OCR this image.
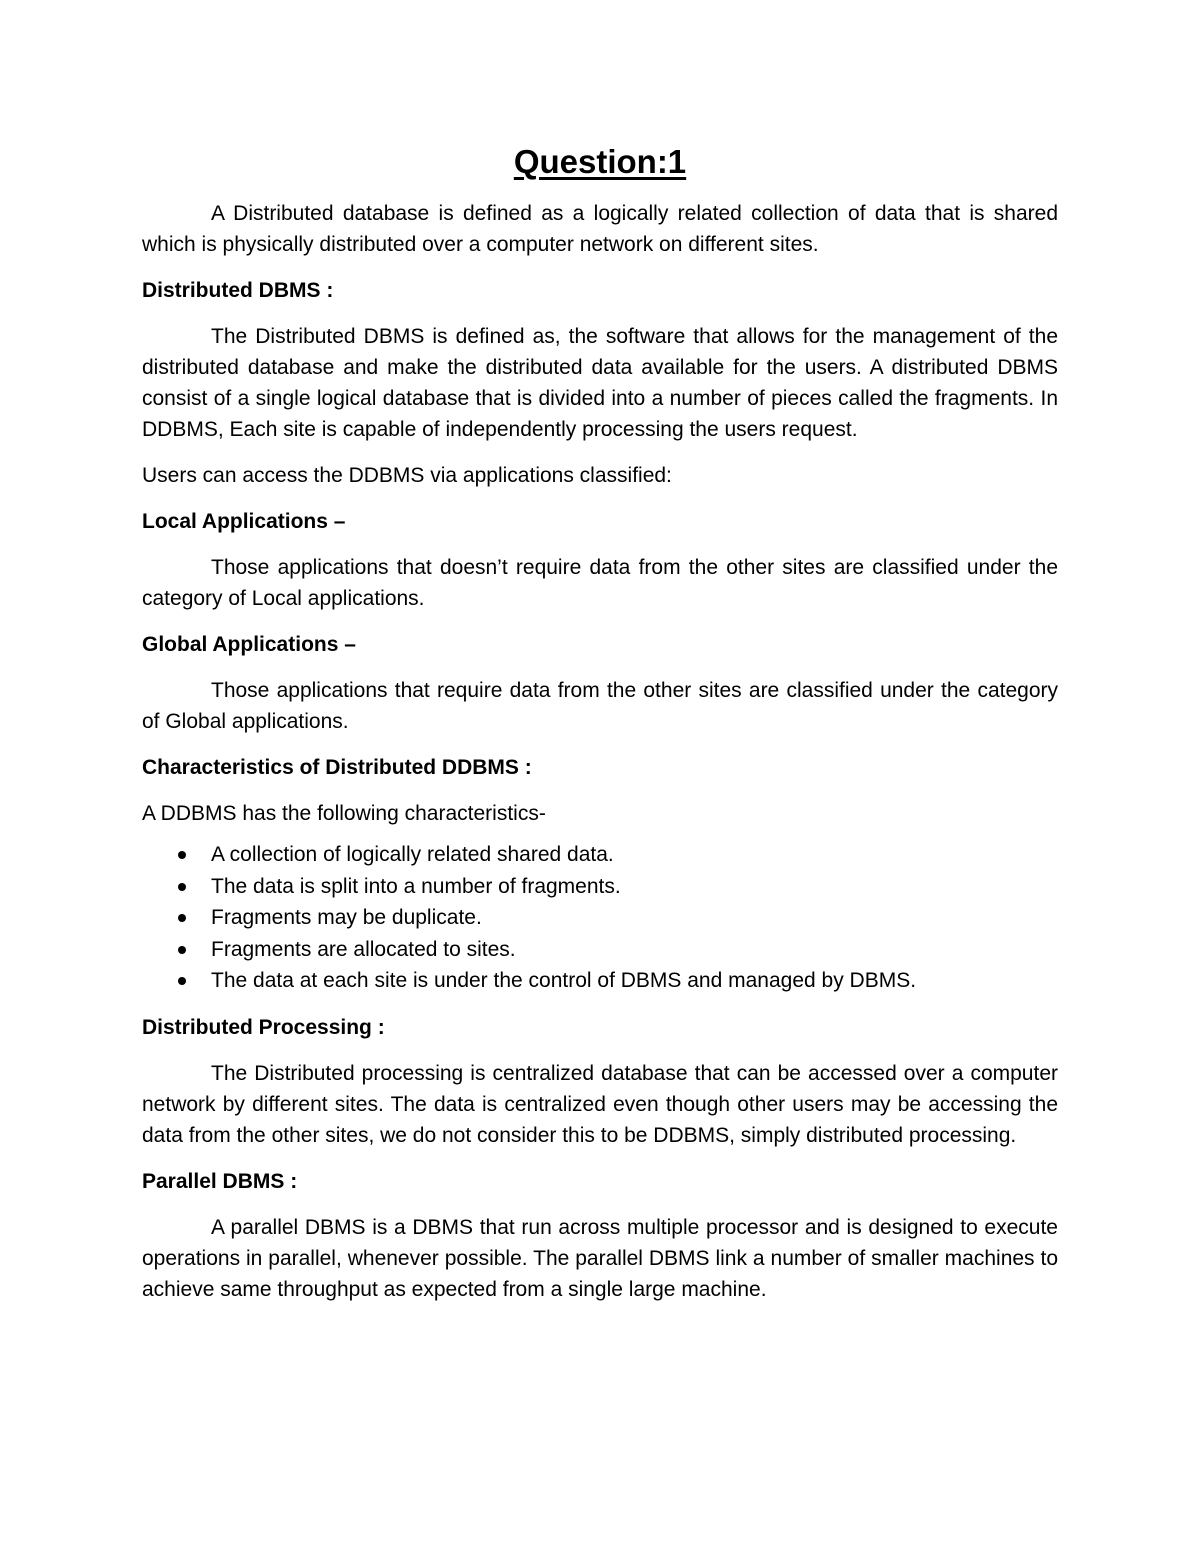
Question:1

A Distributed database is defined as a logically related collection of data that is shared which is physically distributed over a computer network on different sites.

Distributed DBMS :

The Distributed DBMS is defined as, the software that allows for the management of the distributed database and make the distributed data available for the users. A distributed DBMS consist of a single logical database that is divided into a number of pieces called the fragments. In DDBMS, Each site is capable of independently processing the users request.

Users can access the DDBMS via applications classified:

Local Applications –

Those applications that doesn’t require data from the other sites are classified under the category of Local applications.

Global Applications –

Those applications that require data from the other sites are classified under the category of Global applications.

Characteristics of Distributed DDBMS :

A DDBMS has the following characteristics-

A collection of logically related shared data.
The data is split into a number of fragments.
Fragments may be duplicate.
Fragments are allocated to sites.
The data at each site is under the control of DBMS and managed by DBMS.
Distributed Processing :

The Distributed processing is centralized database that can be accessed over a computer network by different sites. The data is centralized even though other users may be accessing the data from the other sites, we do not consider this to be DDBMS, simply distributed processing.

Parallel DBMS :

A parallel DBMS is a DBMS that run across multiple processor and is designed to execute operations in parallel, whenever possible. The parallel DBMS link a number of smaller machines to achieve same throughput as expected from a single large machine.
